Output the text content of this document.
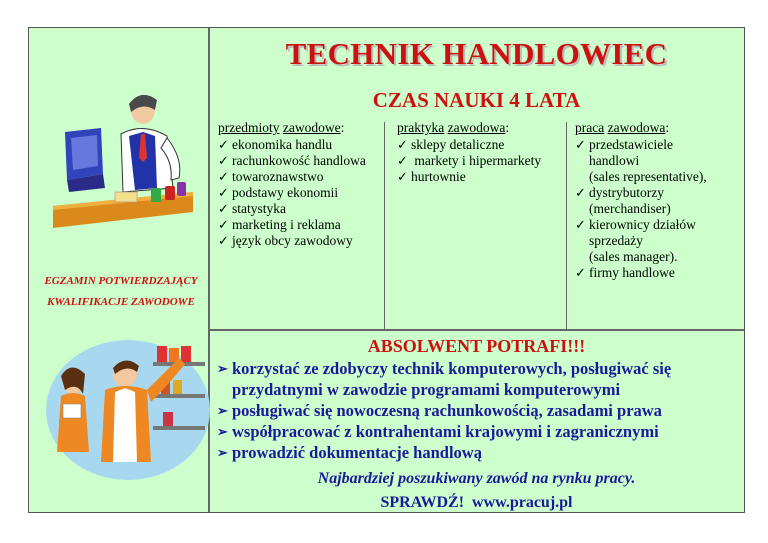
TECHNIK HANDLOWIEC
CZAS NAUKI 4 LATA
EGZAMIN POTWIERDZAJĄCY
KWALIFIKACJE ZAWODOWE
przedmioty zawodowe:
✓ ekonomika handlu
✓ rachunkowość handlowa
✓ towaroznawstwo
✓ podstawy ekonomii
✓ statystyka
✓ marketing i reklama
✓ język obcy zawodowy
praktyka zawodowa:
✓ sklepy detaliczne
✓  markety i hipermarkety
✓ hurtownie
praca zawodowa:
✓ przedstawiciele
handlowi
(sales representative),
✓ dystrybutorzy
(merchandiser)
✓ kierownicy działów
sprzedaży
(sales manager).
✓ firmy handlowe
ABSOLWENT POTRAFI!!!
➢ korzystać ze zdobyczy technik komputerowych, posługiwać się
przydatnymi w zawodzie programami komputerowymi
➢ posługiwać się nowoczesną rachunkowością, zasadami prawa
➢ współpracować z kontrahentami krajowymi i zagranicznymi
➢ prowadzić dokumentacje handlową
Najbardziej poszukiwany zawód na rynku pracy.
SPRAWDŹ! www.pracuj.pl
